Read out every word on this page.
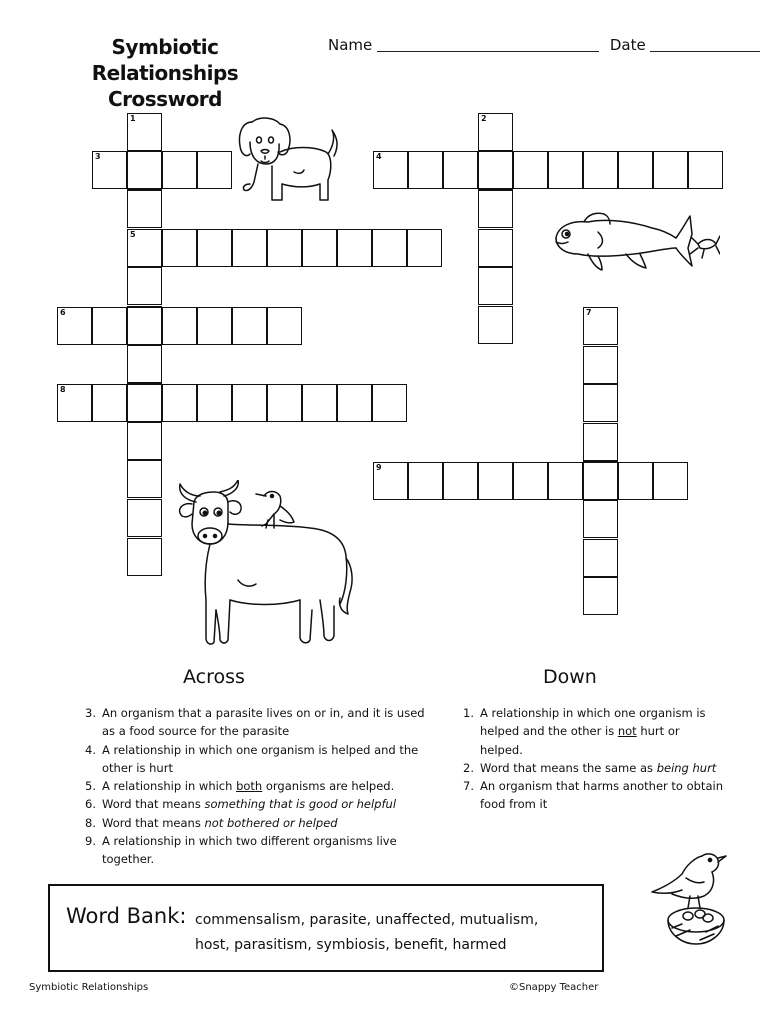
Symbiotic Relationships
Crossword
Name	Date
1
5
2
3	4
6	7
8
9
Across	Down
3. An organism that a parasite lives on or in, and it is used as a food source for the parasite
4. A relationship in which one organism is helped and the other is hurt
5. A relationship in which both organisms are helped.
6. Word that means something that is good or helpful
8. Word that means not bothered or helped
9. A relationship in which two different organisms live together.
1. A relationship in which one organism is helped and the other is not hurt or helped.
2. Word that means the same as being hurt
7. An organism that harms another to obtain food from it
Word Bank: commensalism, parasite, unaffected, mutualism,
host, parasitism, symbiosis, benefit, harmed
Symbiotic Relationships	©Snappy Teacher
